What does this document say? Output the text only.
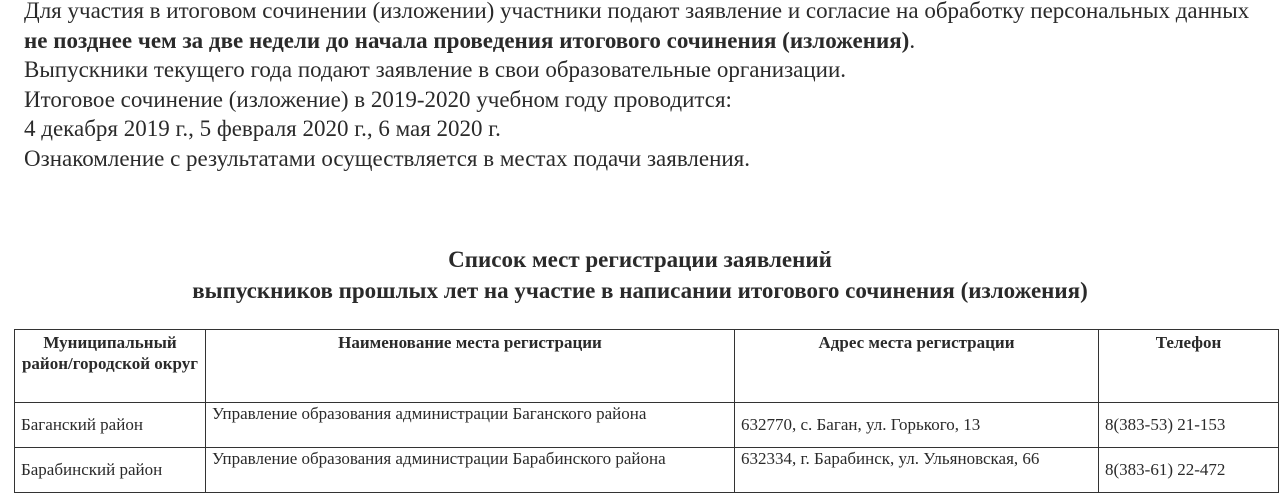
Для участия в итоговом сочинении (изложении) участники подают заявление и согласие на обработку персональных данных не позднее чем за две недели до начала проведения итогового сочинения (изложения).

Выпускники текущего года подают заявление в свои образовательные организации.

Итоговое сочинение (изложение) в 2019-2020 учебном году проводится:

4 декабря 2019 г., 5 февраля 2020 г., 6 мая 2020 г.

Ознакомление с результатами осуществляется в местах подачи заявления.

Список мест регистрации заявлений
выпускников прошлых лет на участие в написании итогового сочинения (изложения)
Муниципальный район/городской округ	Наименование места регистрации	Адрес места регистрации	Телефон
Баганский район	Управление образования администрации Баганского района	632770, с. Баган, ул. Горького, 13	8(383-53) 21-153
Барабинский район	Управление образования администрации Барабинского района	632334, г. Барабинск, ул. Ульяновская, 66	8(383-61) 22-472
